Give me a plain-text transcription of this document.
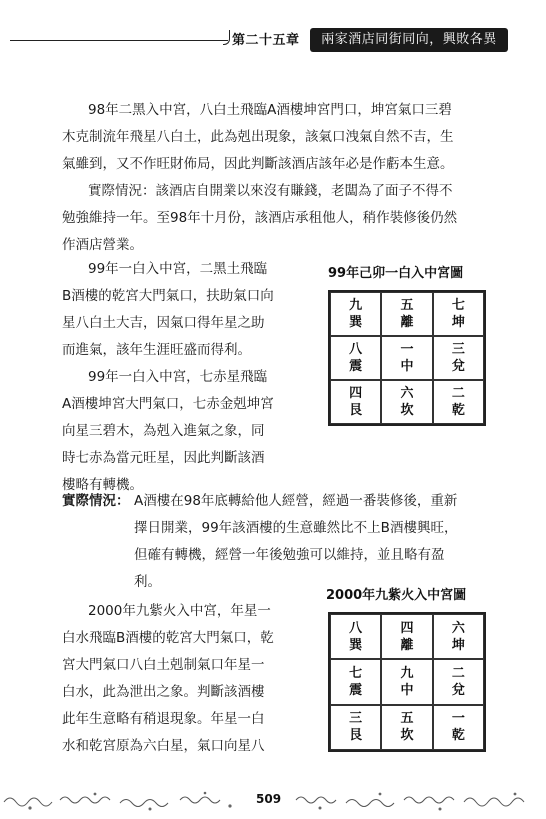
第二十五章	兩家酒店同街同向，興敗各異
98年二黑入中宮，八白土飛臨A酒樓坤宮門口，坤宮氣口三碧
木克制流年飛星八白土，此為剋出現象，該氣口洩氣自然不吉，生
氣雖到，又不作旺財佈局，因此判斷該酒店該年必是作虧本生意。
實際情況：該酒店自開業以來沒有賺錢，老闆為了面子不得不
勉強維持一年。至98年十月份，該酒店承租他人，稍作裝修後仍然
作酒店營業。
99年己卯一白入中宮圖
99年一白入中宮，二黑土飛臨
B酒樓的乾宮大門氣口，扶助氣口向
星八白土大吉，因氣口得年星之助
而進氣，該年生涯旺盛而得利。
99年一白入中宮，七赤星飛臨
A酒樓坤宮大門氣口，七赤金剋坤宮
向星三碧木，為剋入進氣之象，同
時七赤為當元旺星，因此判斷該酒
樓略有轉機。
九
巽
五
離
七
坤
八
震
一
中
三
兌
四
艮
六
坎
二
乾
實際情況： A酒樓在98年底轉給他人經營，經過一番裝修後，重新
擇日開業，99年該酒樓的生意雖然比不上B酒樓興旺，
但確有轉機，經營一年後勉強可以維持，並且略有盈
利。
2000年九紫火入中宮圖
2000年九紫火入中宮，年星一
白水飛臨B酒樓的乾宮大門氣口，乾
宮大門氣口八白土剋制氣口年星一
白水，此為泄出之象。判斷該酒樓
此年生意略有稍退現象。年星一白
水和乾宮原為六白星，氣口向星八
八
巽
四
離
六
坤
七
震
九
中
二
兌
三
艮
五
坎
一
乾
509
